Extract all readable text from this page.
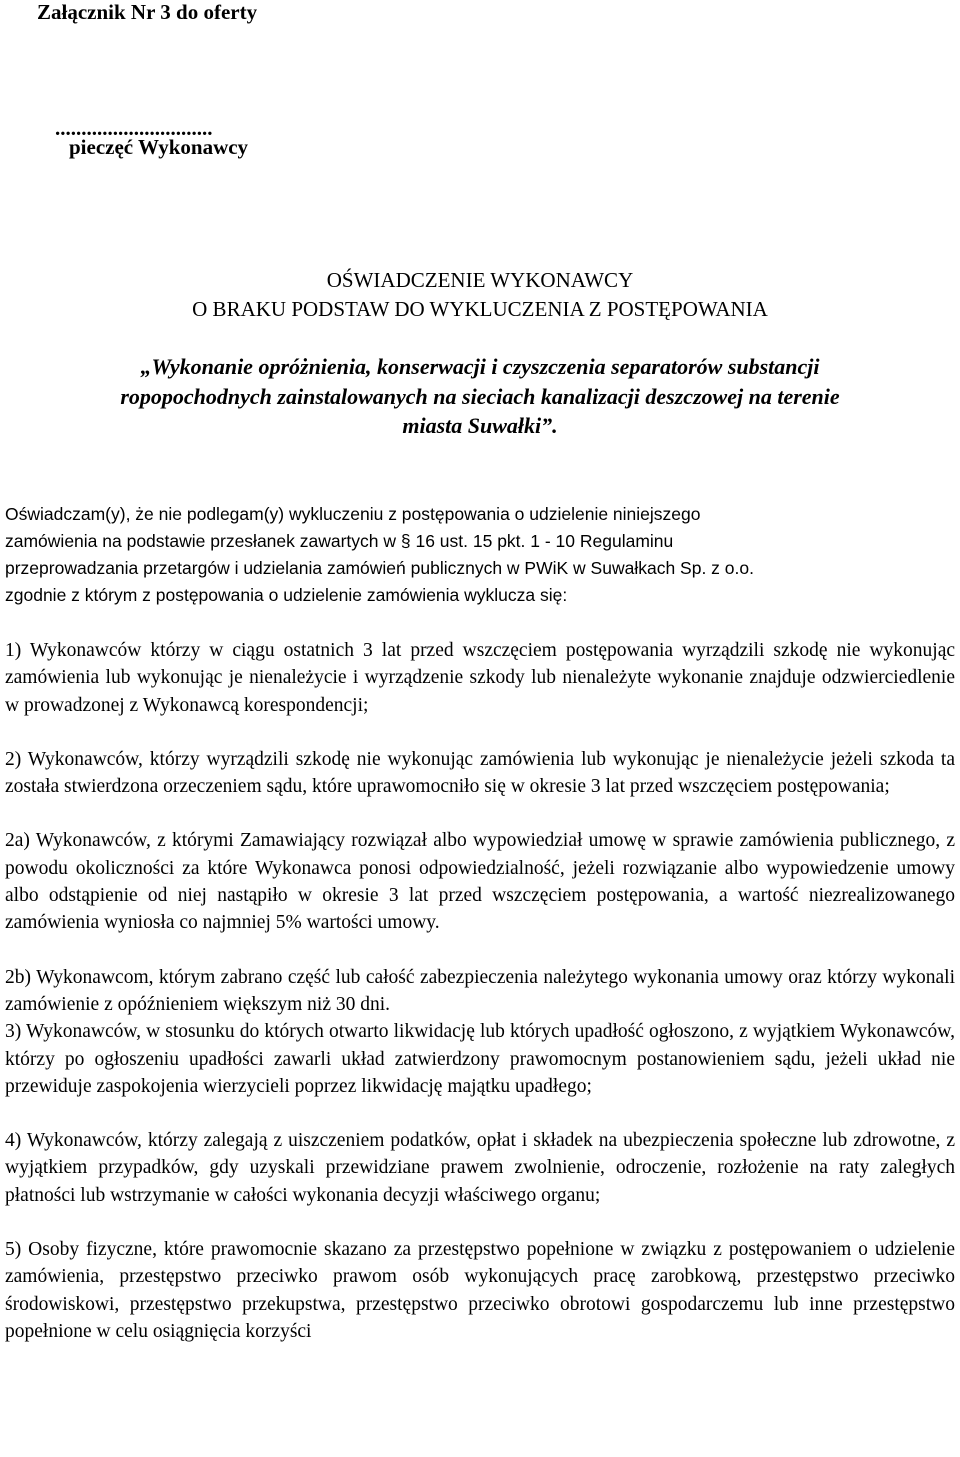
Załącznik Nr 3 do oferty
..............................
pieczęć Wykonawcy
OŚWIADCZENIE WYKONAWCY
O BRAKU PODSTAW DO WYKLUCZENIA Z POSTĘPOWANIA
„Wykonanie opróżnienia, konserwacji i czyszczenia separatorów substancji
ropopochodnych zainstalowanych na sieciach kanalizacji deszczowej na terenie
miasta Suwałki”.
Oświadczam(y), że nie podlegam(y) wykluczeniu z postępowania o udzielenie niniejszego
zamówienia na podstawie przesłanek zawartych w § 16 ust. 15 pkt. 1 - 10 Regulaminu
przeprowadzania przetargów i udzielania zamówień publicznych w PWiK w Suwałkach Sp. z o.o.
zgodnie z którym z postępowania o udzielenie zamówienia wyklucza się:
1) Wykonawców którzy w ciągu ostatnich 3 lat przed wszczęciem postępowania wyrządzili szkodę nie wykonując zamówienia lub wykonując je nienależycie i wyrządzenie szkody lub nienależyte wykonanie znajduje odzwierciedlenie w prowadzonej z Wykonawcą korespondencji;
2) Wykonawców, którzy wyrządzili szkodę nie wykonując zamówienia lub wykonując je nienależycie jeżeli szkoda ta została stwierdzona orzeczeniem sądu, które uprawomocniło się w okresie 3 lat przed wszczęciem postępowania;
2a) Wykonawców, z którymi Zamawiający rozwiązał albo wypowiedział umowę w sprawie zamówienia publicznego, z powodu okoliczności za które Wykonawca ponosi odpowiedzialność, jeżeli rozwiązanie albo wypowiedzenie umowy albo odstąpienie od niej nastąpiło w okresie 3 lat przed wszczęciem postępowania, a wartość niezrealizowanego zamówienia wyniosła co najmniej 5% wartości umowy.
2b) Wykonawcom, którym zabrano część lub całość zabezpieczenia należytego wykonania umowy oraz którzy wykonali zamówienie z opóźnieniem większym niż 30 dni.
3) Wykonawców, w stosunku do których otwarto likwidację lub których upadłość ogłoszono, z wyjątkiem Wykonawców, którzy po ogłoszeniu upadłości zawarli układ zatwierdzony prawomocnym postanowieniem sądu, jeżeli układ nie przewiduje zaspokojenia wierzycieli poprzez likwidację majątku upadłego;
4) Wykonawców, którzy zalegają z uiszczeniem podatków, opłat i składek na ubezpieczenia społeczne lub zdrowotne, z wyjątkiem przypadków, gdy uzyskali przewidziane prawem zwolnienie, odroczenie, rozłożenie na raty zaległych płatności lub wstrzymanie w całości wykonania decyzji właściwego organu;
5) Osoby fizyczne, które prawomocnie skazano za przestępstwo popełnione w związku z postępowaniem o udzielenie zamówienia, przestępstwo przeciwko prawom osób wykonujących pracę zarobkową, przestępstwo przeciwko środowiskowi, przestępstwo przekupstwa, przestępstwo przeciwko obrotowi gospodarczemu lub inne przestępstwo popełnione w celu osiągnięcia korzyści
